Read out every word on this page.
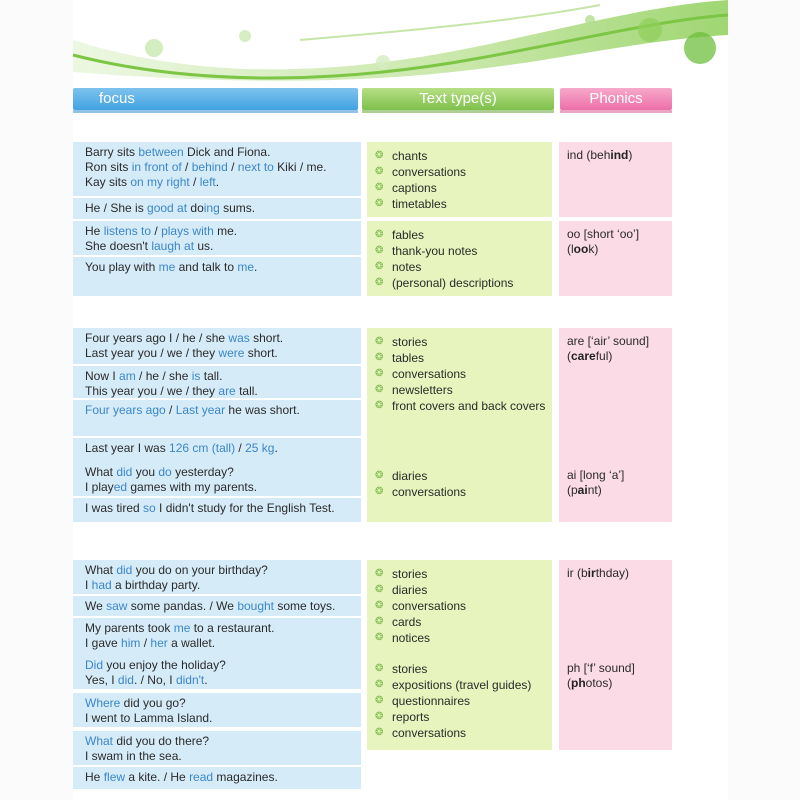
focus	Text type(s)	Phonics
Barry sits between Dick and Fiona.
Ron sits in front of / behind / next to Kiki / me.
Kay sits on my right / left.
He / She is good at doing sums.
❂ chants
❂ conversations
❂ captions
❂ timetables
ind (behind)
He listens to / plays with me.
She doesn't laugh at us.
You play with me and talk to me.
❂ fables
❂ thank-you notes
❂ notes
❂ (personal) descriptions
oo [short ‘oo’]
(look)
Four years ago I / he / she was short.
Last year you / we / they were short.
Now I am / he / she is tall.
This year you / we / they are tall.
Four years ago / Last year he was short.
Last year I was 126 cm (tall) / 25 kg.
❂ stories
❂ tables
❂ conversations
❂ newsletters
❂ front covers and back covers
are [‘air’ sound]
(careful)
What did you do yesterday?
I played games with my parents.
I was tired so I didn't study for the English Test.
❂ diaries
❂ conversations
ai [long ‘a’]
(paint)
What did you do on your birthday?
I had a birthday party.
We saw some pandas. / We bought some toys.
My parents took me to a restaurant.
I gave him / her a wallet.
❂ stories
❂ diaries
❂ conversations
❂ cards
❂ notices
ir (birthday)
Did you enjoy the holiday?
Yes, I did. / No, I didn't.
Where did you go?
I went to Lamma Island.
What did you do there?
I swam in the sea.
He flew a kite. / He read magazines.
❂ stories
❂ expositions (travel guides)
❂ questionnaires
❂ reports
❂ conversations
ph [‘f’ sound]
(photos)
